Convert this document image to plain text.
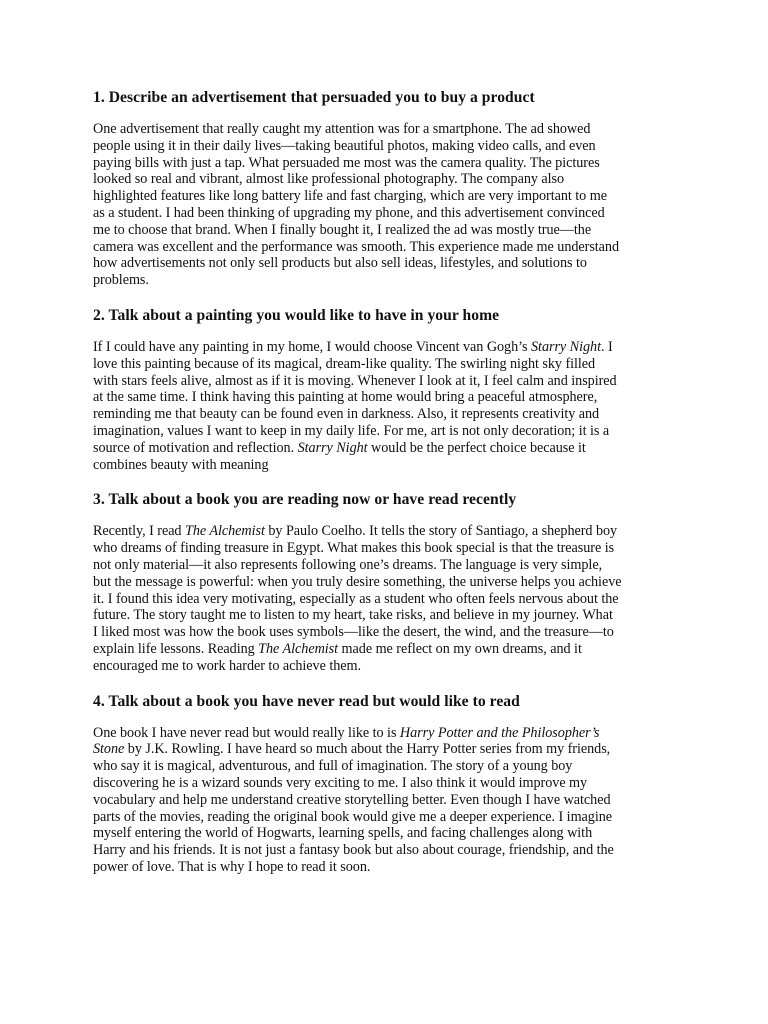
1. Describe an advertisement that persuaded you to buy a product
One advertisement that really caught my attention was for a smartphone. The ad showed
people using it in their daily lives—taking beautiful photos, making video calls, and even
paying bills with just a tap. What persuaded me most was the camera quality. The pictures
looked so real and vibrant, almost like professional photography. The company also
highlighted features like long battery life and fast charging, which are very important to me
as a student. I had been thinking of upgrading my phone, and this advertisement convinced
me to choose that brand. When I finally bought it, I realized the ad was mostly true—the
camera was excellent and the performance was smooth. This experience made me understand
how advertisements not only sell products but also sell ideas, lifestyles, and solutions to
problems.
2. Talk about a painting you would like to have in your home
If I could have any painting in my home, I would choose Vincent van Gogh’s Starry Night. I
love this painting because of its magical, dream-like quality. The swirling night sky filled
with stars feels alive, almost as if it is moving. Whenever I look at it, I feel calm and inspired
at the same time. I think having this painting at home would bring a peaceful atmosphere,
reminding me that beauty can be found even in darkness. Also, it represents creativity and
imagination, values I want to keep in my daily life. For me, art is not only decoration; it is a
source of motivation and reflection. Starry Night would be the perfect choice because it
combines beauty with meaning
3. Talk about a book you are reading now or have read recently
Recently, I read The Alchemist by Paulo Coelho. It tells the story of Santiago, a shepherd boy
who dreams of finding treasure in Egypt. What makes this book special is that the treasure is
not only material—it also represents following one’s dreams. The language is very simple,
but the message is powerful: when you truly desire something, the universe helps you achieve
it. I found this idea very motivating, especially as a student who often feels nervous about the
future. The story taught me to listen to my heart, take risks, and believe in my journey. What
I liked most was how the book uses symbols—like the desert, the wind, and the treasure—to
explain life lessons. Reading The Alchemist made me reflect on my own dreams, and it
encouraged me to work harder to achieve them.
4. Talk about a book you have never read but would like to read
One book I have never read but would really like to is Harry Potter and the Philosopher’s
Stone by J.K. Rowling. I have heard so much about the Harry Potter series from my friends,
who say it is magical, adventurous, and full of imagination. The story of a young boy
discovering he is a wizard sounds very exciting to me. I also think it would improve my
vocabulary and help me understand creative storytelling better. Even though I have watched
parts of the movies, reading the original book would give me a deeper experience. I imagine
myself entering the world of Hogwarts, learning spells, and facing challenges along with
Harry and his friends. It is not just a fantasy book but also about courage, friendship, and the
power of love. That is why I hope to read it soon.
